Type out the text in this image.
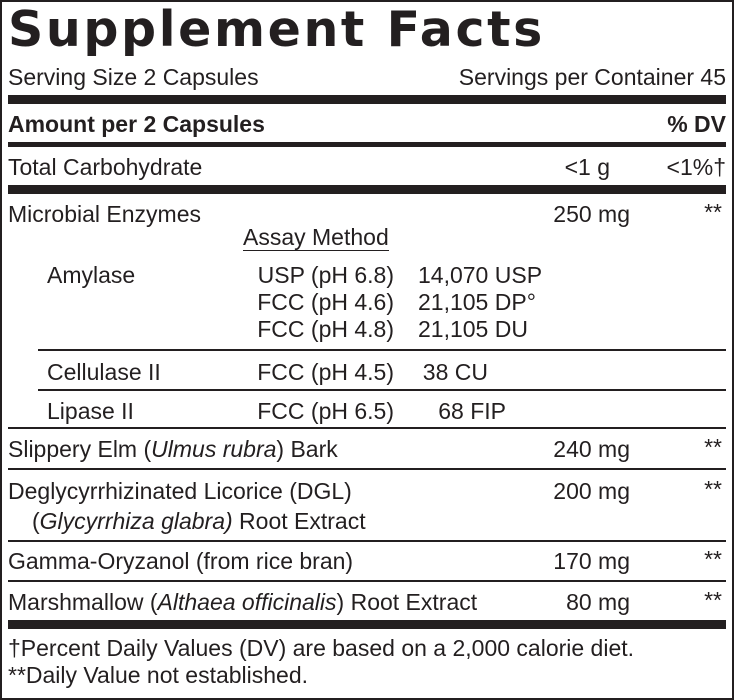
Supplement Facts
Serving Size 2 Capsules	Servings per Container 45
Amount per 2 Capsules	% DV
Total Carbohydrate	<1 g <1%†
Microbial Enzymes	250 mg	**
Assay Method
Amylase	USP (pH 6.8) 14,070 USP
FCC (pH 4.6) 21,105 DP°
FCC (pH 4.8) 21,105 DU
Cellulase II	FCC (pH 4.5) 38 CU
Lipase II	FCC (pH 6.5) 68 FIP
Slippery Elm (Ulmus rubra) Bark	240 mg	**
Deglycyrrhizinated Licorice (DGL)	200 mg	**
(Glycyrrhiza glabra) Root Extract
Gamma-Oryzanol (from rice bran)	170 mg	**
Marshmallow (Althaea officinalis) Root Extract	80 mg	**
†Percent Daily Values (DV) are based on a 2,000 calorie diet.
**Daily Value not established.
